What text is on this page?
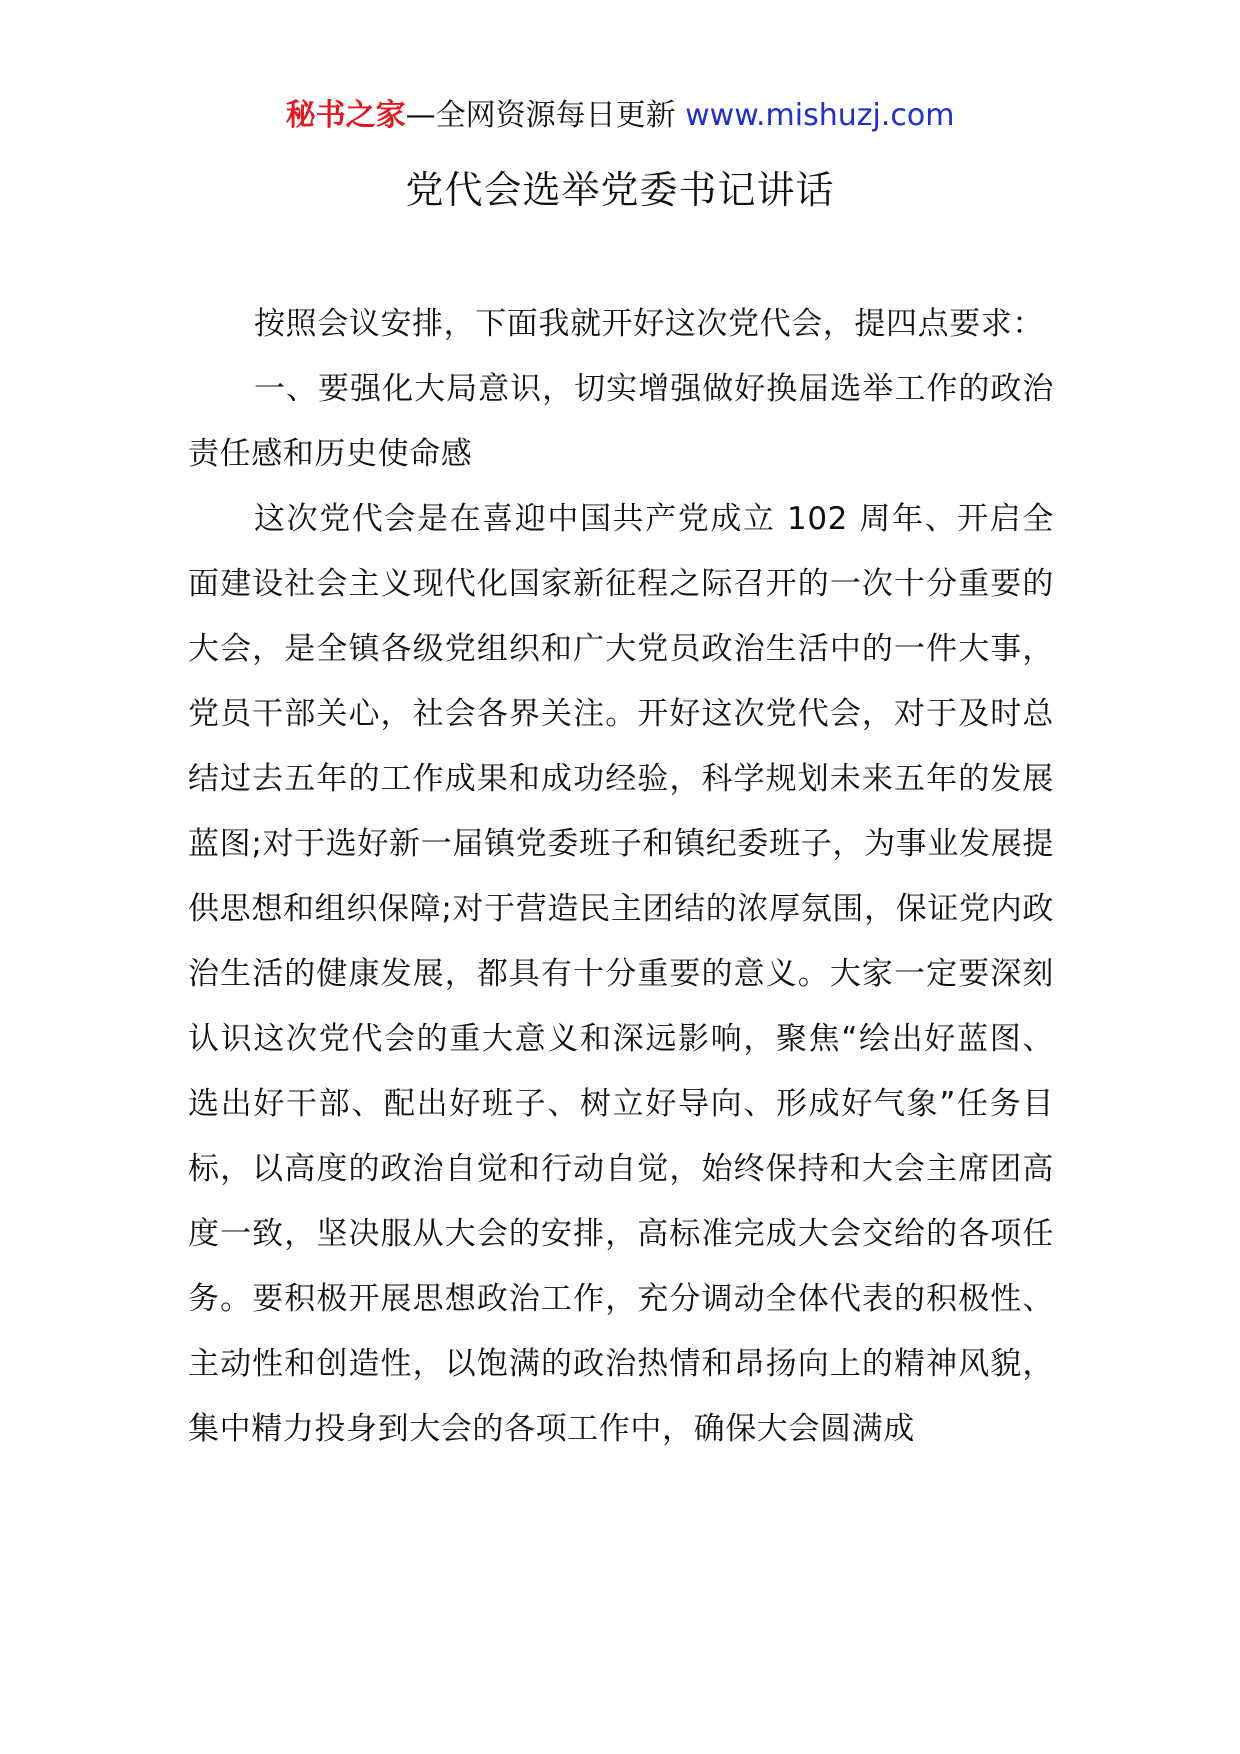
秘书之家—全网资源每日更新 www.mishuzj.com
党代会选举党委书记讲话

按照会议安排，下面我就开好这次党代会，提四点要求：

一、要强化大局意识，切实增强做好换届选举工作的政治责任感和历史使命感

这次党代会是在喜迎中国共产党成立 102 周年、开启全面建设社会主义现代化国家新征程之际召开的一次十分重要的大会，是全镇各级党组织和广大党员政治生活中的一件大事，党员干部关心，社会各界关注。开好这次党代会，对于及时总结过去五年的工作成果和成功经验，科学规划未来五年的发展蓝图;对于选好新一届镇党委班子和镇纪委班子，为事业发展提供思想和组织保障;对于营造民主团结的浓厚氛围，保证党内政治生活的健康发展，都具有十分重要的意义。大家一定要深刻认识这次党代会的重大意义和深远影响，聚焦“绘出好蓝图、选出好干部、配出好班子、树立好导向、形成好气象”任务目标，以高度的政治自觉和行动自觉，始终保持和大会主席团高度一致，坚决服从大会的安排，高标准完成大会交给的各项任务。要积极开展思想政治工作，充分调动全体代表的积极性、主动性和创造性，以饱满的政治热情和昂扬向上的精神风貌，集中精力投身到大会的各项工作中，确保大会圆满成
